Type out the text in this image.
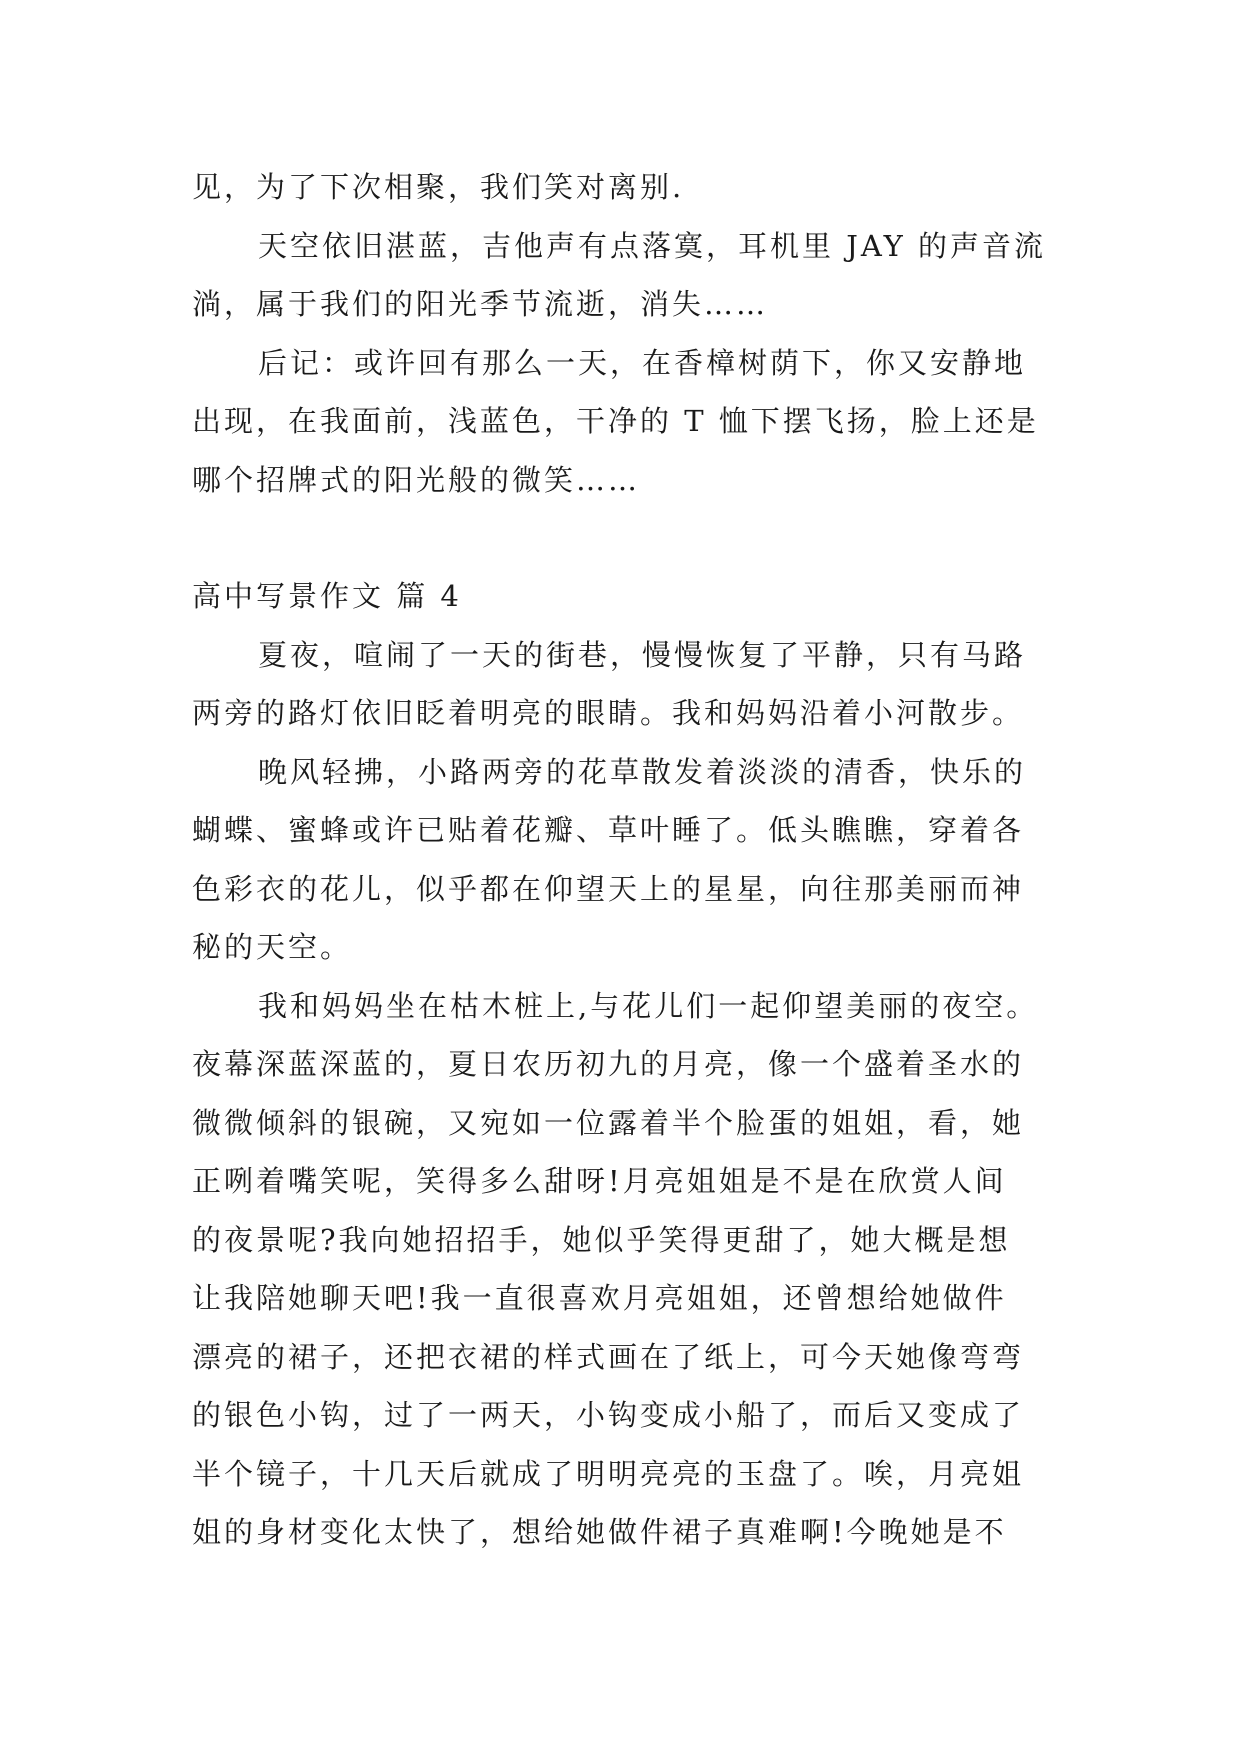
见，为了下次相聚，我们笑对离别.
天空依旧湛蓝，吉他声有点落寞，耳机里 JAY 的声音流
淌，属于我们的阳光季节流逝，消失……
后记：或许回有那么一天，在香樟树荫下，你又安静地
出现，在我面前，浅蓝色，干净的 T 恤下摆飞扬，脸上还是
哪个招牌式的阳光般的微笑……
高中写景作文 篇 4
夏夜，喧闹了一天的街巷，慢慢恢复了平静，只有马路
两旁的路灯依旧眨着明亮的眼睛。我和妈妈沿着小河散步。
晚风轻拂，小路两旁的花草散发着淡淡的清香，快乐的
蝴蝶、蜜蜂或许已贴着花瓣、草叶睡了。低头瞧瞧，穿着各
色彩衣的花儿，似乎都在仰望天上的星星，向往那美丽而神
秘的天空。
我和妈妈坐在枯木桩上,与花儿们一起仰望美丽的夜空。
夜幕深蓝深蓝的，夏日农历初九的月亮，像一个盛着圣水的
微微倾斜的银碗，又宛如一位露着半个脸蛋的姐姐，看，她
正咧着嘴笑呢，笑得多么甜呀!月亮姐姐是不是在欣赏人间
的夜景呢?我向她招招手，她似乎笑得更甜了，她大概是想
让我陪她聊天吧!我一直很喜欢月亮姐姐，还曾想给她做件
漂亮的裙子，还把衣裙的样式画在了纸上，可今天她像弯弯
的银色小钩，过了一两天，小钩变成小船了，而后又变成了
半个镜子，十几天后就成了明明亮亮的玉盘了。唉，月亮姐
姐的身材变化太快了，想给她做件裙子真难啊!今晚她是不
